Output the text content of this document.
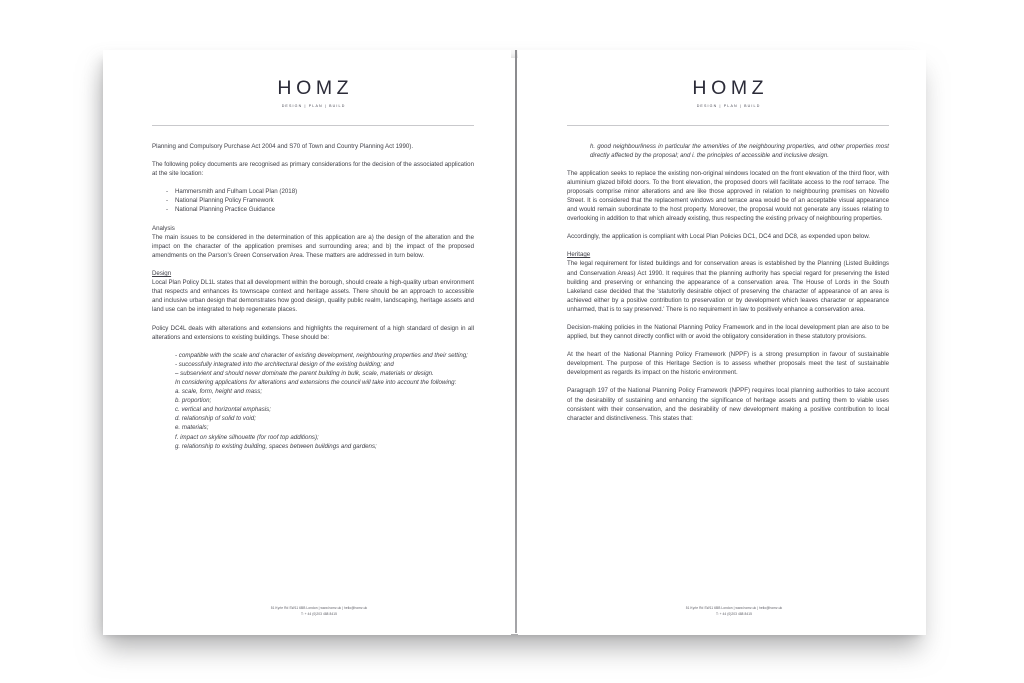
HOMZ
DESIGN | PLAN | BUILD

Planning and Compulsory Purchase Act 2004 and S70 of Town and Country Planning Act 1990).

The following policy documents are recognised as primary considerations for the decision of the associated application at the site location:

- Hammersmith and Fulham Local Plan (2018)
- National Planning Policy Framework
- National Planning Practice Guidance
Analysis

The main issues to be considered in the determination of this application are a) the design of the alteration and the impact on the character of the application premises and surrounding area; and b) the impact of the proposed amendments on the Parson's Green Conservation Area. These matters are addressed in turn below.

Design

Local Plan Policy DL1L states that all development within the borough, should create a high-quality urban environment that respects and enhances its townscape context and heritage assets. There should be an approach to accessible and inclusive urban design that demonstrates how good design, quality public realm, landscaping, heritage assets and land use can be integrated to help regenerate places.

Policy DC4L deals with alterations and extensions and highlights the requirement of a high standard of design in all alterations and extensions to existing buildings. These should be:

- compatible with the scale and character of existing development, neighbouring properties and their setting;
- successfully integrated into the architectural design of the existing building; and
– subservient and should never dominate the parent building in bulk, scale, materials or design.
In considering applications for alterations and extensions the council will take into account the following:
a. scale, form, height and mass;
b. proportion;
c. vertical and horizontal emphasis;
d. relationship of solid to void;
e. materials;
f. impact on skyline silhouette (for roof top additions);
g. relationship to existing building, spaces between buildings and gardens;
51 Kyrle Rd SW11 6BB London | www.homz.uk | hello@homz.uk
T: + 44 (0)203 488 8415
HOMZ
DESIGN | PLAN | BUILD
h. good neighbourliness in particular the amenities of the neighbouring properties, and other properties most directly affected by the proposal; and i. the principles of accessible and inclusive design.

The application seeks to replace the existing non-original windows located on the front elevation of the third floor, with aluminium glazed bifold doors. To the front elevation, the proposed doors will facilitate access to the roof terrace. The proposals comprise minor alterations and are like those approved in relation to neighbouring premises on Novello Street. It is considered that the replacement windows and terrace area would be of an acceptable visual appearance and would remain subordinate to the host property. Moreover, the proposal would not generate any issues relating to overlooking in addition to that which already existing, thus respecting the existing privacy of neighbouring properties.

Accordingly, the application is compliant with Local Plan Policies DC1, DC4 and DC8, as expended upon below.

Heritage

The legal requirement for listed buildings and for conservation areas is established by the Planning (Listed Buildings and Conservation Areas) Act 1990. It requires that the planning authority has special regard for preserving the listed building and preserving or enhancing the appearance of a conservation area. The House of Lords in the South Lakeland case decided that the 'statutorily desirable object of preserving the character of appearance of an area is achieved either by a positive contribution to preservation or by development which leaves character or appearance unharmed, that is to say preserved.' There is no requirement in law to positively enhance a conservation area.

Decision-making policies in the National Planning Policy Framework and in the local development plan are also to be applied, but they cannot directly conflict with or avoid the obligatory consideration in these statutory provisions.

At the heart of the National Planning Policy Framework (NPPF) is a strong presumption in favour of sustainable development. The purpose of this Heritage Section is to assess whether proposals meet the test of sustainable development as regards its impact on the historic environment.

Paragraph 197 of the National Planning Policy Framework (NPPF) requires local planning authorities to take account of the desirability of sustaining and enhancing the significance of heritage assets and putting them to viable uses consistent with their conservation, and the desirability of new development making a positive contribution to local character and distinctiveness. This states that:

51 Kyrle Rd SW11 6BB London | www.homz.uk | hello@homz.uk
T: + 44 (0)203 488 8415
